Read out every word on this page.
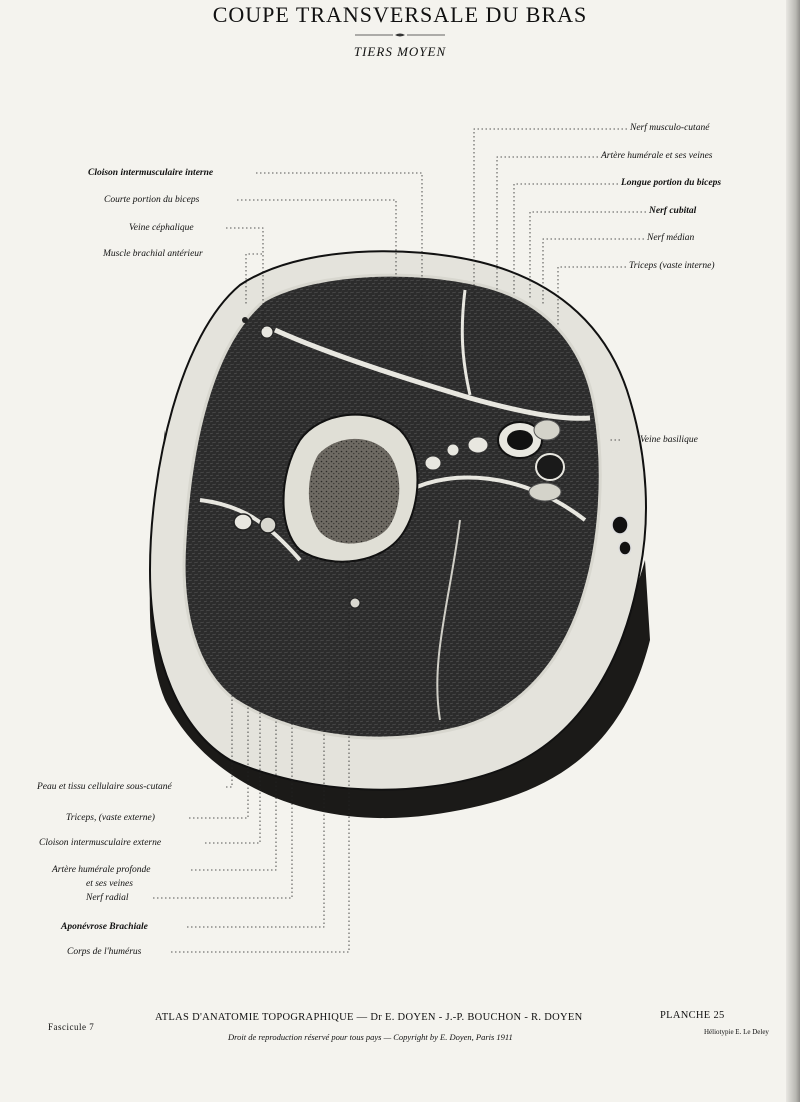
COUPE TRANSVERSALE DU BRAS
TIERS MOYEN
Nerf musculo-cutané
Artère humérale et ses veines
Longue portion du biceps
Nerf cubital
Nerf médian
Triceps (vaste interne)
Veine basilique
Cloison intermusculaire interne
Courte portion du biceps
Veine céphalique
Muscle brachial antérieur
Peau et tissu cellulaire sous-cutané
Triceps, (vaste externe)
Cloison intermusculaire externe
Artère humérale profonde
et ses veines
Nerf radial
Aponévrose Brachiale
Corps de l'humérus
Fascicule 7
ATLAS D'ANATOMIE TOPOGRAPHIQUE — Dr E. DOYEN - J.-P. BOUCHON - R. DOYEN	PLANCHE 25
Droit de reproduction réservé pour tous pays — Copyright by E. Doyen, Paris 1911	Héliotypie E. Le Deley
